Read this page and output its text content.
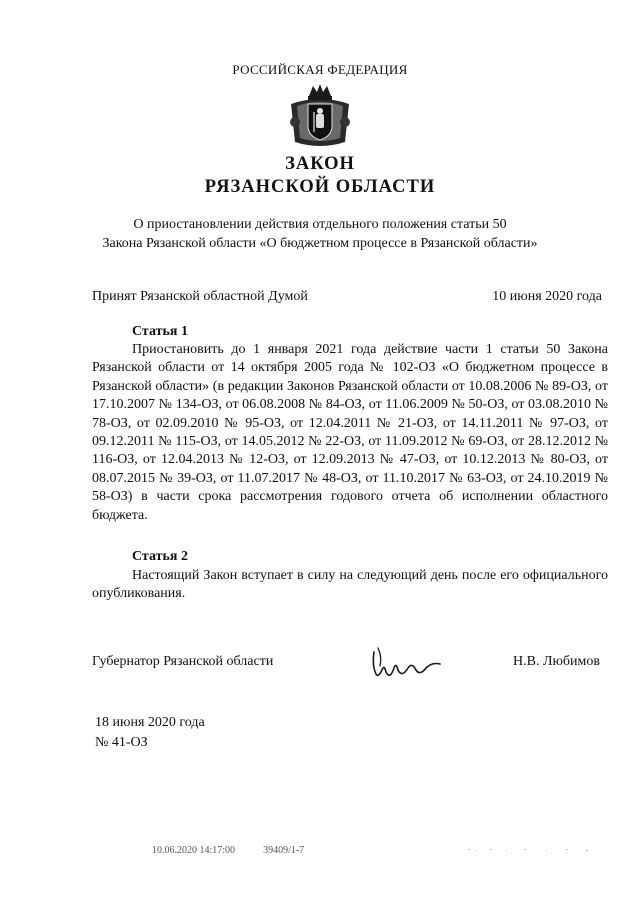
РОССИЙСКАЯ ФЕДЕРАЦИЯ
ЗАКОН
РЯЗАНСКОЙ ОБЛАСТИ
О приостановлении действия отдельного положения статьи 50
Закона Рязанской области «О бюджетном процессе в Рязанской области»
Принят Рязанской областной Думой	10 июня 2020 года
Статья 1
Приостановить до 1 января 2021 года действие части 1 статьи 50 Закона Рязанской области от 14 октября 2005 года № 102-ОЗ «О бюджетном процессе в Рязанской области» (в редакции Законов Рязанской области от 10.08.2006 № 89-ОЗ, от 17.10.2007 № 134-ОЗ, от 06.08.2008 № 84-ОЗ, от 11.06.2009 № 50-ОЗ, от 03.08.2010 № 78-ОЗ, от 02.09.2010 № 95-ОЗ, от 12.04.2011 № 21-ОЗ, от 14.11.2011 № 97-ОЗ, от 09.12.2011 № 115-ОЗ, от 14.05.2012 № 22-ОЗ, от 11.09.2012 № 69-ОЗ, от 28.12.2012 № 116-ОЗ, от 12.04.2013 № 12-ОЗ, от 12.09.2013 № 47-ОЗ, от 10.12.2013 № 80-ОЗ, от 08.07.2015 № 39-ОЗ, от 11.07.2017 № 48-ОЗ, от 11.10.2017 № 63-ОЗ, от 24.10.2019 № 58-ОЗ) в части срока рассмотрения годового отчета об исполнении областного бюджета.
Статья 2
Настоящий Закон вступает в силу на следующий день после его официального опубликования.
Губернатор Рязанской области	Н.В. Любимов
18 июня 2020 года
№ 41-ОЗ
10.06.2020 14:17:00	39409/1-7
